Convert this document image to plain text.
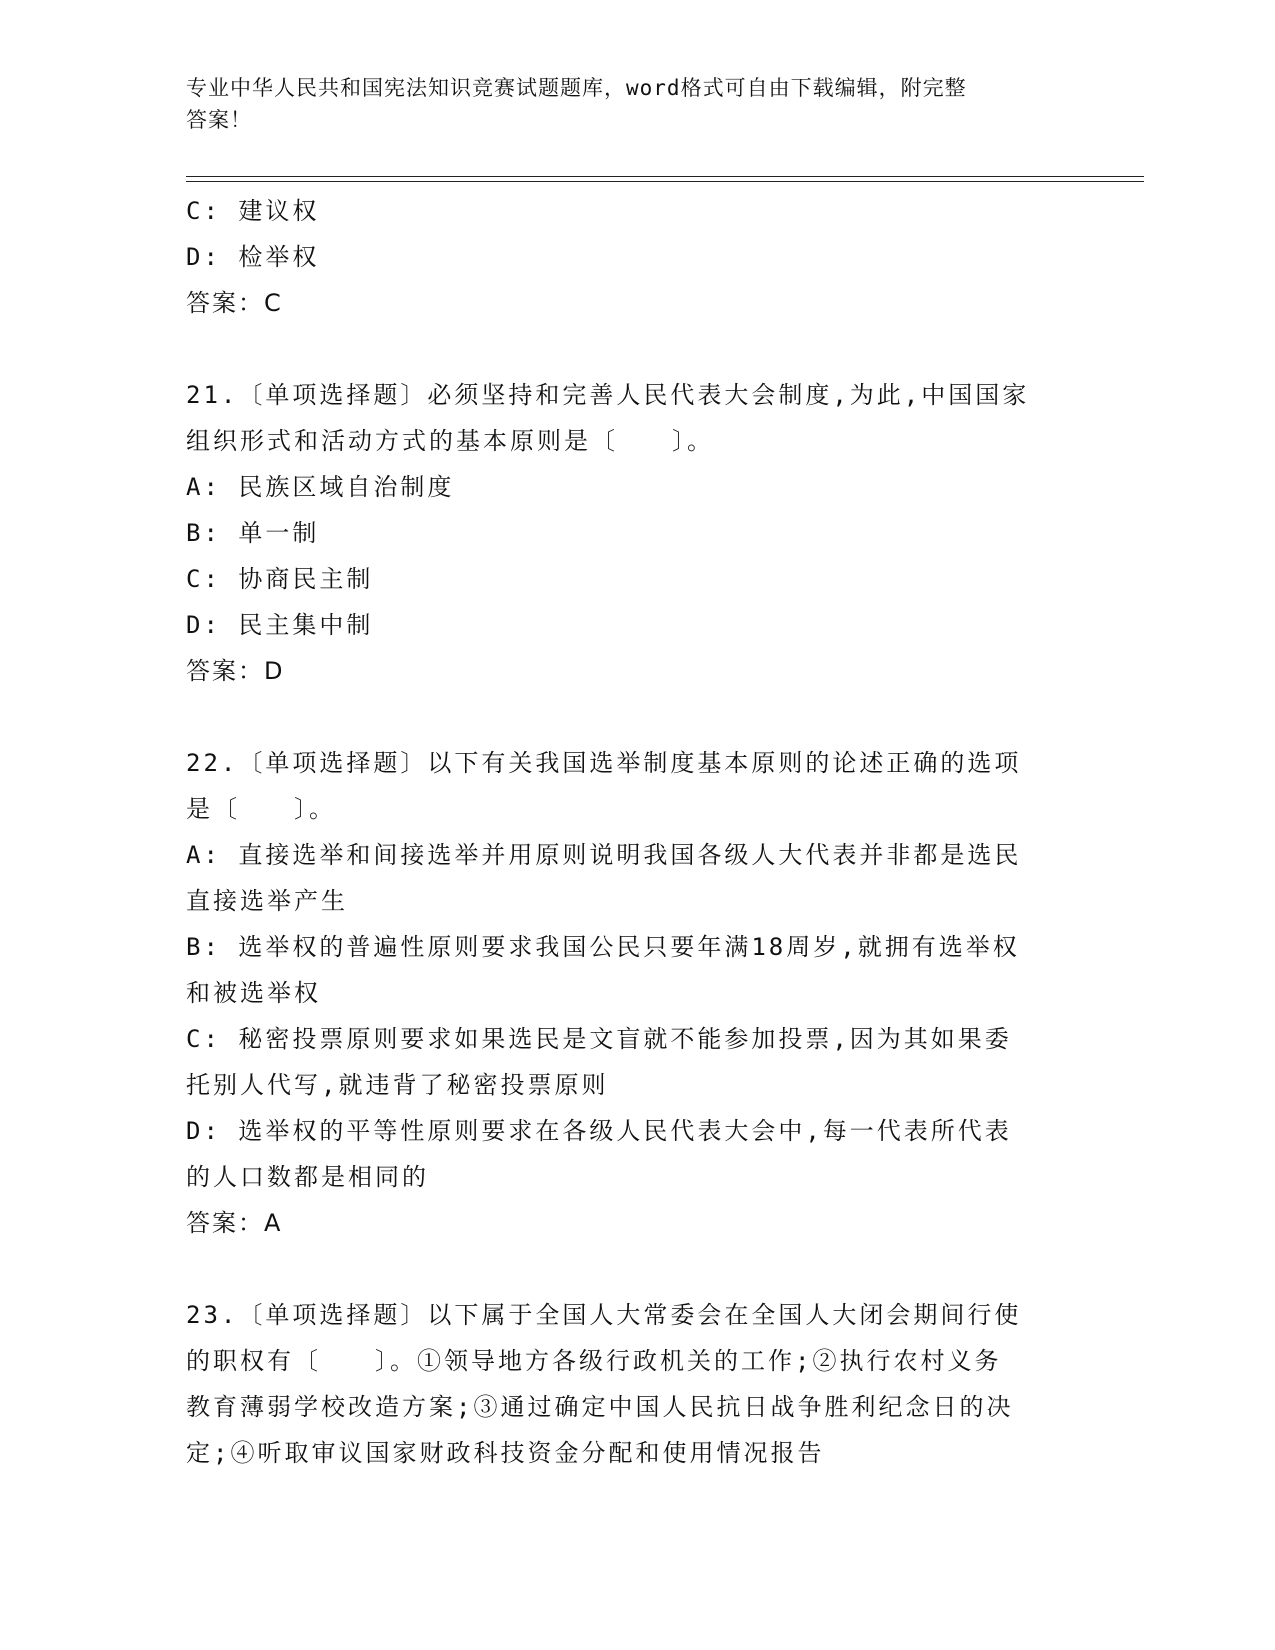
专业中华人民共和国宪法知识竞赛试题题库，word格式可自由下载编辑，附完整
答案！
C: 建议权
D: 检举权
答案：C
21.〔单项选择题〕必须坚持和完善人民代表大会制度,为此,中国国家
组织形式和活动方式的基本原则是〔　　〕。
A: 民族区域自治制度
B: 单一制
C: 协商民主制
D: 民主集中制
答案：D
22.〔单项选择题〕以下有关我国选举制度基本原则的论述正确的选项
是〔　　〕。
A: 直接选举和间接选举并用原则说明我国各级人大代表并非都是选民
直接选举产生
B: 选举权的普遍性原则要求我国公民只要年满18周岁,就拥有选举权
和被选举权
C: 秘密投票原则要求如果选民是文盲就不能参加投票,因为其如果委
托别人代写,就违背了秘密投票原则
D: 选举权的平等性原则要求在各级人民代表大会中,每一代表所代表
的人口数都是相同的
答案：A
23.〔单项选择题〕以下属于全国人大常委会在全国人大闭会期间行使
的职权有〔　　〕。①领导地方各级行政机关的工作;②执行农村义务
教育薄弱学校改造方案;③通过确定中国人民抗日战争胜利纪念日的决
定;④听取审议国家财政科技资金分配和使用情况报告
